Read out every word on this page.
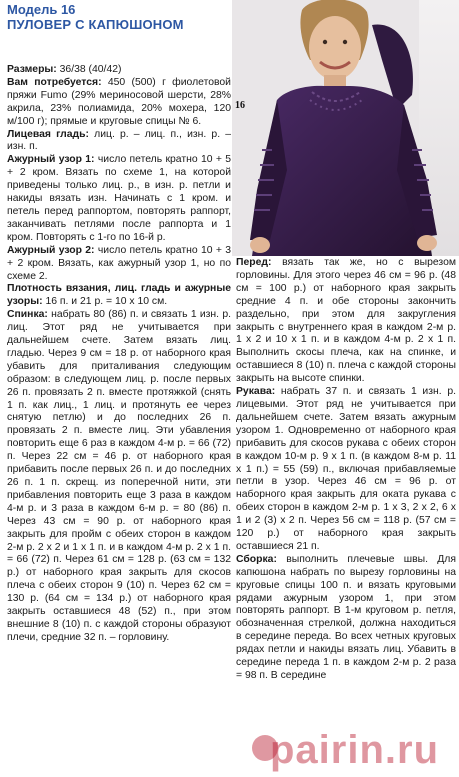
Модель 16
ПУЛОВЕР С КАПЮШОНОМ

Размеры: 36/38 (40/42)

Вам потребуется: 450 (500) г фиолетовой пряжи Fumo (29% мериносовой шерсти, 28% акрила, 23% полиамида, 20% мохера, 120 м/100 г); прямые и круговые спицы № 6.

Лицевая гладь: лиц. р. – лиц. п., изн. р. – изн. п.

Ажурный узор 1: число петель кратно 10 + 5 + 2 кром. Вязать по схеме 1, на которой приведены только лиц. р., в изн. р. петли и накиды вязать изн. Начинать с 1 кром. и петель перед раппортом, повторять раппорт, заканчивать петлями после раппорта и 1 кром. Повторять с 1-го по 16-й р.

Ажурный узор 2: число петель кратно 10 + 3 + 2 кром. Вязать, как ажурный узор 1, но по схеме 2.

Плотность вязания, лиц. гладь и ажурные узоры: 16 п. и 21 р. = 10 x 10 см.

Спинка: набрать 80 (86) п. и связать 1 изн. р. лиц. Этот ряд не учитывается при дальнейшем счете. Затем вязать лиц. гладью. Через 9 см = 18 р. от наборного края убавить для приталивания следующим образом: в следующем лиц. р. после первых 26 п. провязать 2 п. вместе протяжкой (снять 1 п. как лиц., 1 лиц. и протянуть ее через снятую петлю) и до последних 26 п. провязать 2 п. вместе лиц. Эти убавления повторить еще 6 раз в каждом 4-м р. = 66 (72) п. Через 22 см = 46 р. от наборного края прибавить после первых 26 п. и до последних 26 п. 1 п. скрещ. из поперечной нити, эти прибавления повторить еще 3 раза в каждом 4-м р. и 3 раза в каждом 6-м р. = 80 (86) п. Через 43 см = 90 р. от наборного края закрыть для пройм с обеих сторон в каждом 2-м р. 2 x 2 и 1 x 1 п. и в каждом 4-м р. 2 x 1 п. = 66 (72) п. Через 61 см = 128 р. (63 см = 132 р.) от наборного края закрыть для скосов плеча с обеих сторон 9 (10) п. Через 62 см = 130 р. (64 см = 134 р.) от наборного края закрыть оставшиеся 48 (52) п., при этом внешние 8 (10) п. с каждой стороны образуют плечи, средние 32 п. – горловину.

16

Перед: вязать так же, но с вырезом горловины. Для этого через 46 см = 96 р. (48 см = 100 р.) от наборного края закрыть средние 4 п. и обе стороны закончить раздельно, при этом для закругления закрыть с внутреннего края в каждом 2-м р. 1 x 2 и 10 x 1 п. и в каждом 4-м р. 2 x 1 п. Выполнить скосы плеча, как на спинке, и оставшиеся 8 (10) п. плеча с каждой стороны закрыть на высоте спинки.

Рукава: набрать 37 п. и связать 1 изн. р. лицевыми. Этот ряд не учитывается при дальнейшем счете. Затем вязать ажурным узором 1. Одновременно от наборного края прибавить для скосов рукава с обеих сторон в каждом 10-м р. 9 x 1 п. (в каждом 8-м р. 11 x 1 п.) = 55 (59) п., включая прибавляемые петли в узор. Через 46 см = 96 р. от наборного края закрыть для оката рукава с обеих сторон в каждом 2-м р. 1 x 3, 2 x 2, 6 x 1 и 2 (3) x 2 п. Через 56 см = 118 р. (57 см = 120 р.) от наборного края закрыть оставшиеся 21 п.

Сборка: выполнить плечевые швы. Для капюшона набрать по вырезу горловины на круговые спицы 100 п. и вязать круговыми рядами ажурным узором 1, при этом повторять раппорт. В 1-м круговом р. петля, обозначенная стрелкой, должна находиться в середине переда. Во всех четных круговых рядах петли и накиды вязать лиц. Убавить в середине переда 1 п. в каждом 2-м р. 2 раза = 98 п. В середине

pairin.ru
